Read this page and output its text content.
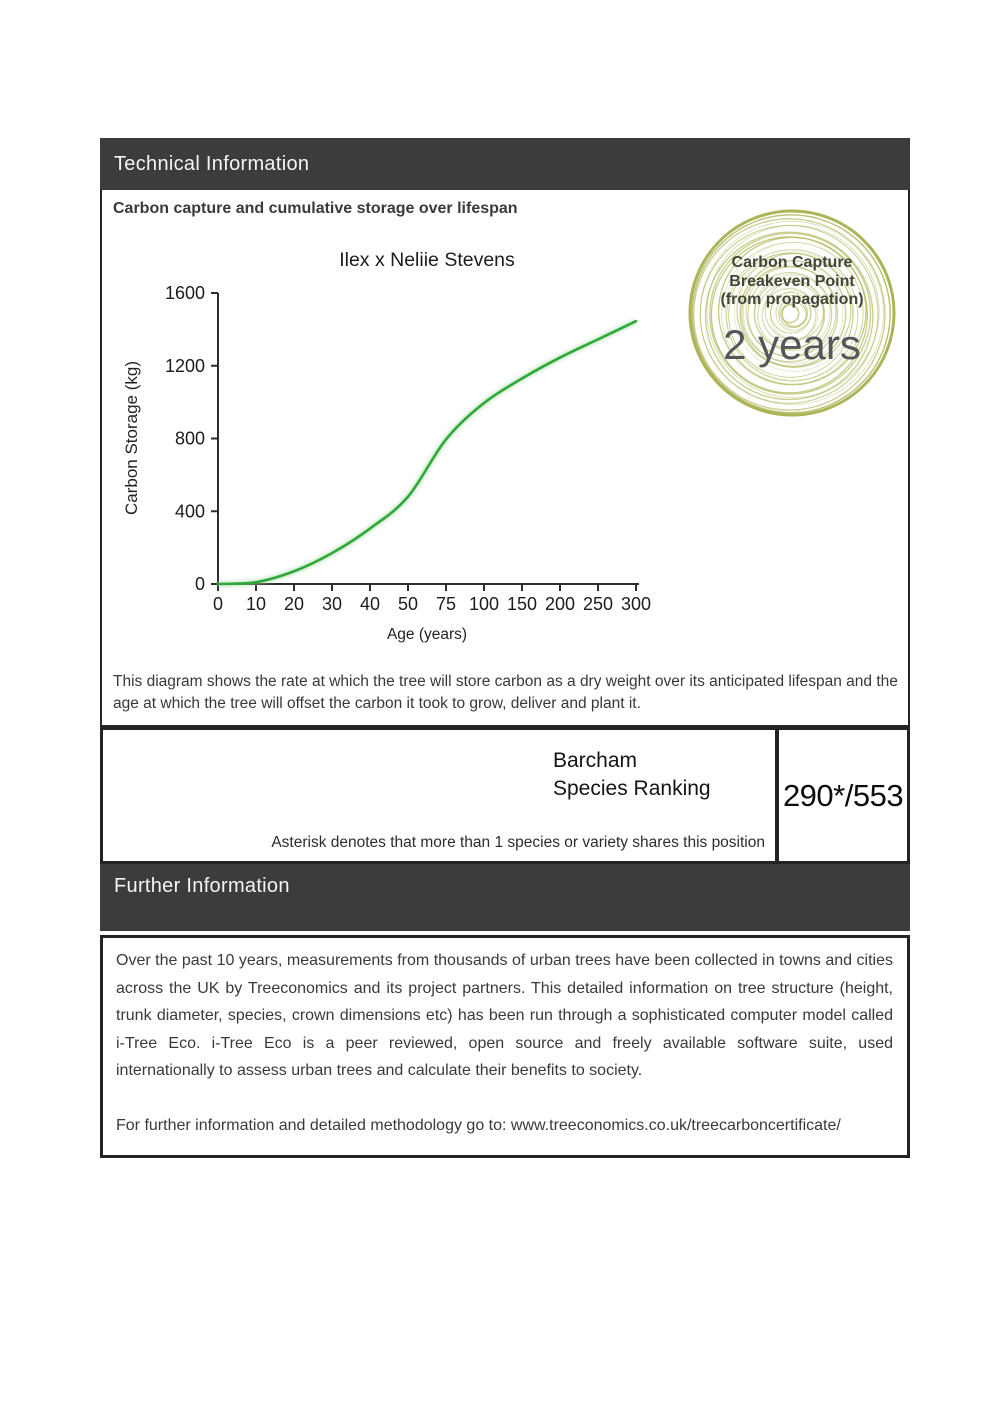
Technical Information
Carbon capture and cumulative storage over lifespan
Ilex x Neliie Stevens
Age (years)
Carbon Storage (kg)
0
400
800
1200
1600
0 10 20 30 40 50 75 100 150 200 250 300
Carbon Capture
Breakeven Point
(from propagation)
2 years
This diagram shows the rate at which the tree will store carbon as a dry weight over its anticipated lifespan and the age at which the tree will offset the carbon it took to grow, deliver and plant it.
Barcham
Species Ranking
Asterisk denotes that more than 1 species or variety shares this position
290*/553
Further Information

Over the past 10 years, measurements from thousands of urban trees have been collected in towns and cities across the UK by Treeconomics and its project partners. This detailed information on tree structure (height, trunk diameter, species, crown dimensions etc) has been run through a sophisticated computer model called i-Tree Eco. i-Tree Eco is a peer reviewed, open source and freely available software suite, used internationally to assess urban trees and calculate their benefits to society.

For further information and detailed methodology go to: www.treeconomics.co.uk/treecarboncertificate/
